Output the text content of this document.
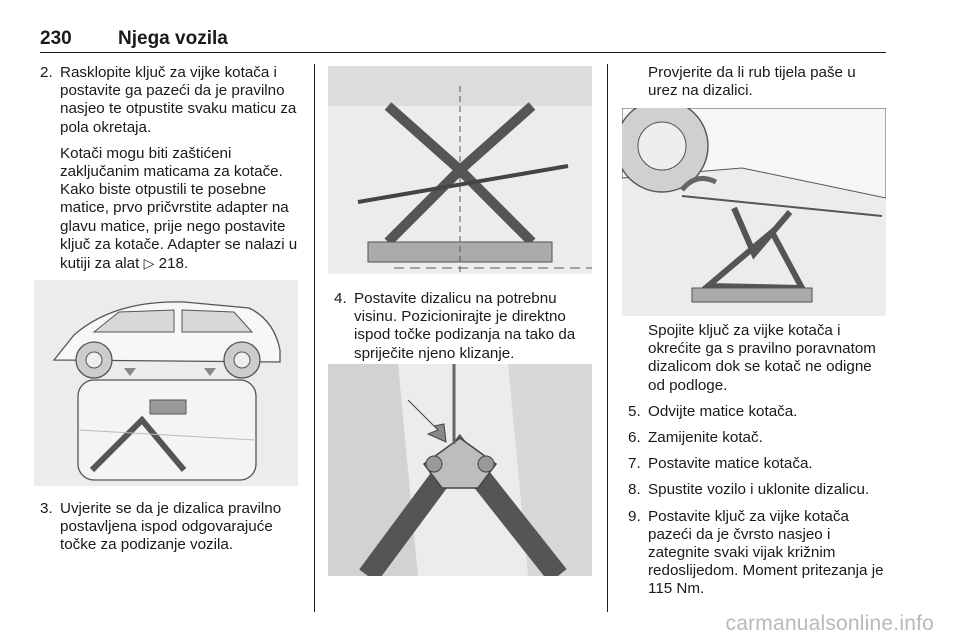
230 Njega vozila
2. Rasklopite ključ za vijke kotača i postavite ga pazeći da je pravilno nasjeo te otpustite svaku maticu za pola okretaja.

Kotači mogu biti zaštićeni zaključanim maticama za kotače. Kako biste otpustili te posebne matice, prvo pričvrstite adapter na glavu matice, prije nego postavite ključ za kotače. Adapter se nalazi u kutiji za alat ▷ 218.

3. Uvjerite se da je dizalica pravilno postavljena ispod odgovarajuće točke za podizanje vozila.
4. Postavite dizalicu na potrebnu visinu. Pozicionirajte je direktno ispod točke podizanja na tako da spriječite njeno klizanje.

Provjerite da li rub tijela paše u urez na dizalici.

Spojite ključ za vijke kotača i okrećite ga s pravilno poravnatom dizalicom dok se kotač ne odigne od podloge.

5. Odvijte matice kotača.
6. Zamijenite kotač.
7. Postavite matice kotača.
8. Spustite vozilo i uklonite dizalicu.
9. Postavite ključ za vijke kotača pazeći da je čvrsto nasjeo i zategnite svaki vijak križnim redoslijedom. Moment pritezanja je 115 Nm.
carmanualsonline.info
